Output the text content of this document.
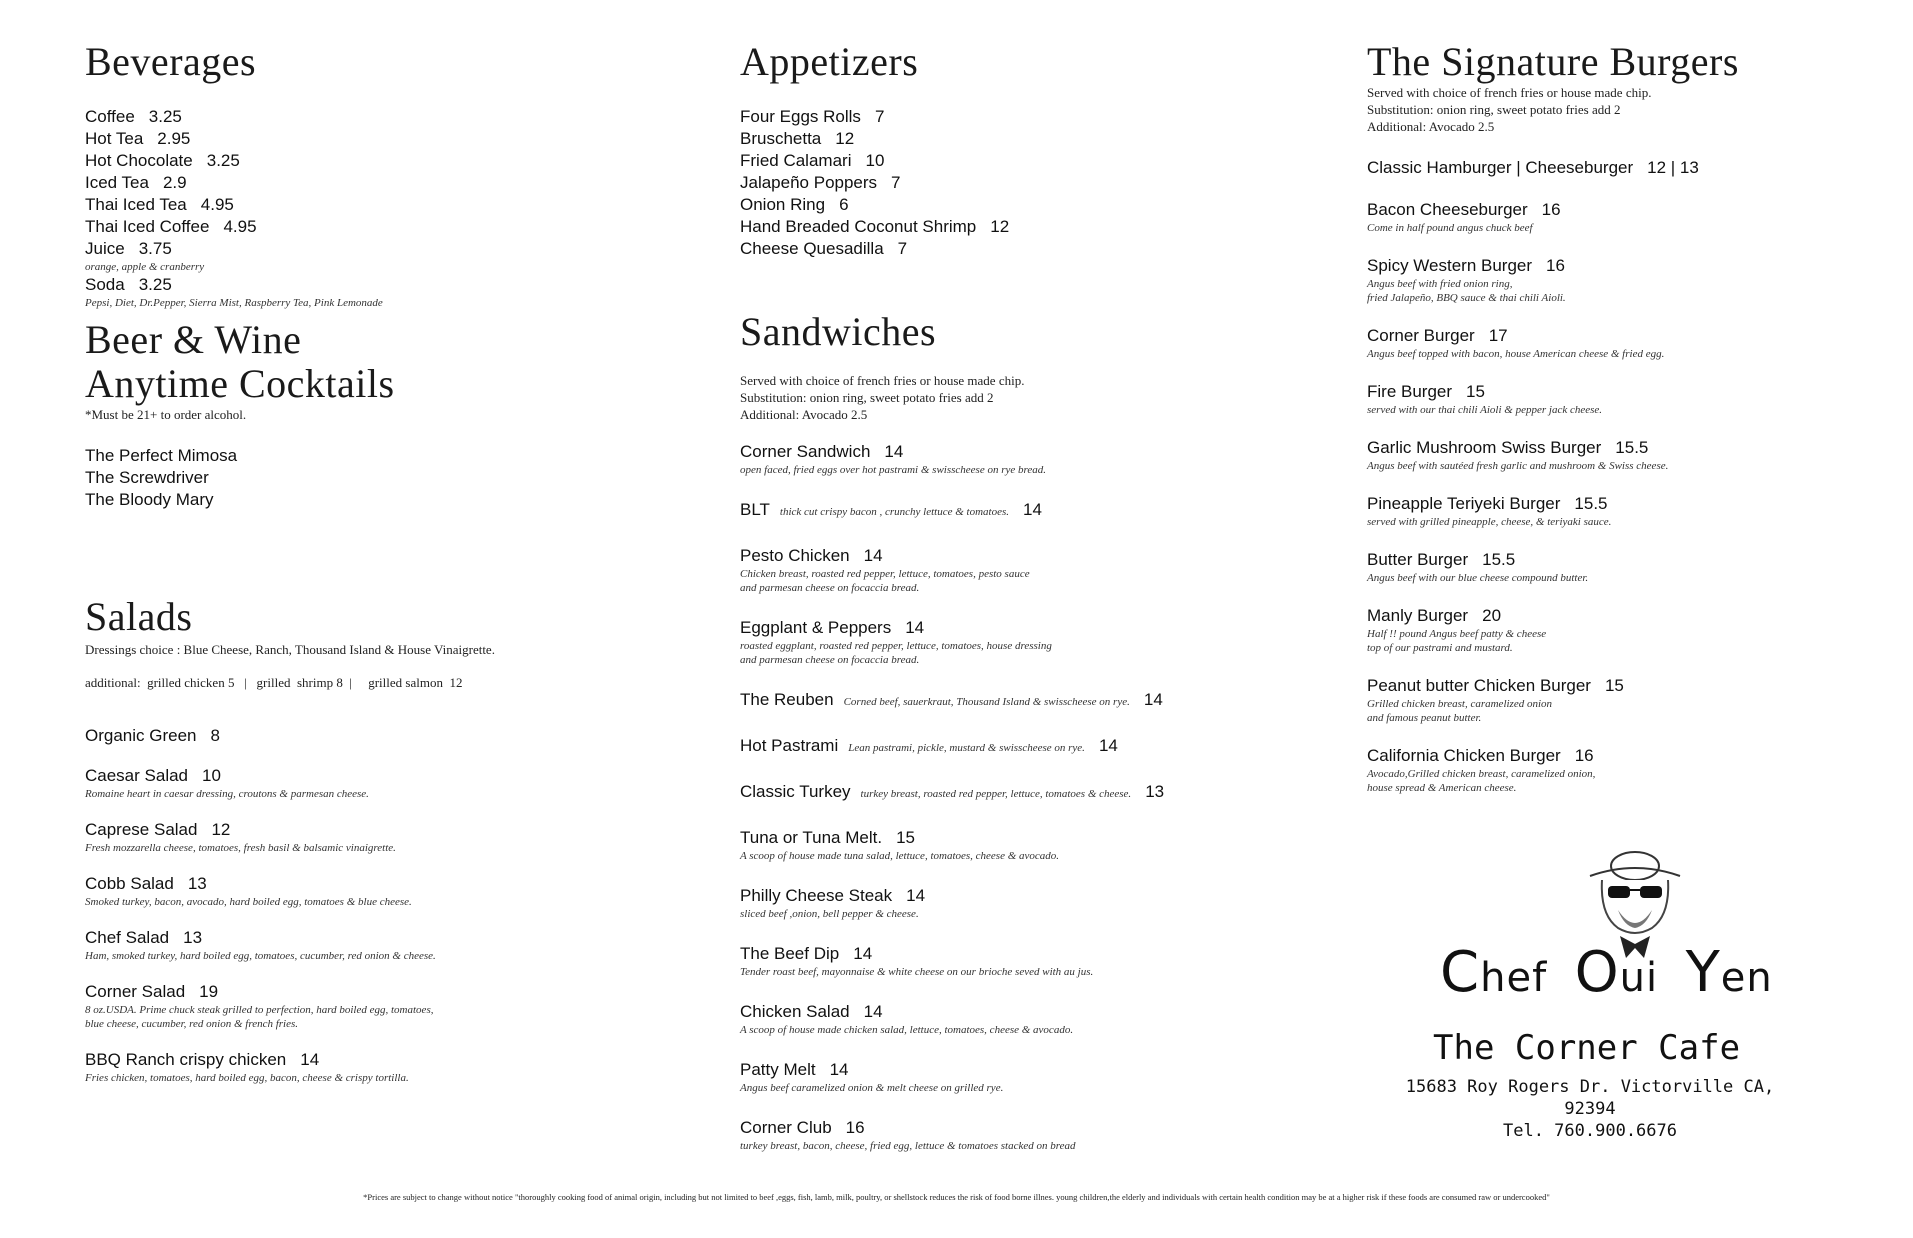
Beverages
Coffee 3.25
Hot Tea 2.95
Hot Chocolate 3.25
Iced Tea 2.9
Thai Iced Tea 4.95
Thai Iced Coffee 4.95
Juice 3.75
orange, apple & cranberry
Soda 3.25
Pepsi, Diet, Dr.Pepper, Sierra Mist, Raspberry Tea, Pink Lemonade
Beer & Wine
Anytime Cocktails
*Must be 21+ to order alcohol.
The Perfect Mimosa
The Screwdriver
The Bloody Mary
Salads
Dressings choice : Blue Cheese, Ranch, Thousand Island & House Vinaigrette.
additional:  grilled chicken 5   |   grilled  shrimp 8  |     grilled salmon  12
Organic Green 8
Caesar Salad 10
Romaine heart in caesar dressing, croutons & parmesan cheese.
Caprese Salad 12
Fresh mozzarella cheese, tomatoes, fresh basil & balsamic vinaigrette.
Cobb Salad 13
Smoked turkey, bacon, avocado, hard boiled egg, tomatoes & blue cheese.
Chef Salad 13
Ham, smoked turkey, hard boiled egg, tomatoes, cucumber, red onion & cheese.
Corner Salad 19
8 oz.USDA. Prime chuck steak grilled to perfection, hard boiled egg, tomatoes,
blue cheese, cucumber, red onion & french fries.
BBQ Ranch crispy chicken 14
Fries chicken, tomatoes, hard boiled egg, bacon, cheese & crispy tortilla.
Appetizers
Four Eggs Rolls 7
Bruschetta 12
Fried Calamari 10
Jalapeño Poppers 7
Onion Ring 6
Hand Breaded Coconut Shrimp 12
Cheese Quesadilla 7
Sandwiches
Served with choice of french fries or house made chip.
Substitution: onion ring, sweet potato fries add 2
Additional: Avocado 2.5
Corner Sandwich 14
open faced, fried eggs over hot pastrami & swisscheese on rye bread.
BLT thick cut crispy bacon , crunchy lettuce & tomatoes. 14
Pesto Chicken 14
Chicken breast, roasted red pepper, lettuce, tomatoes, pesto sauce
and parmesan cheese on focaccia bread.
Eggplant & Peppers 14
roasted eggplant, roasted red pepper, lettuce, tomatoes, house dressing
and parmesan cheese on focaccia bread.
The Reuben Corned beef, sauerkraut, Thousand Island & swisscheese on rye. 14
Hot Pastrami Lean pastrami, pickle, mustard & swisscheese on rye. 14
Classic Turkey turkey breast, roasted red pepper, lettuce, tomatoes & cheese. 13
Tuna or Tuna Melt. 15
A scoop of house made tuna salad, lettuce, tomatoes, cheese & avocado.
Philly Cheese Steak 14
sliced beef ,onion, bell pepper & cheese.
The Beef Dip 14
Tender roast beef, mayonnaise & white cheese on our brioche seved with au jus.
Chicken Salad 14
A scoop of house made chicken salad, lettuce, tomatoes, cheese & avocado.
Patty Melt 14
Angus beef caramelized onion & melt cheese on grilled rye.
Corner Club 16
turkey breast, bacon, cheese, fried egg, lettuce & tomatoes stacked on bread
The Signature Burgers
Served with choice of french fries or house made chip.
Substitution: onion ring, sweet potato fries add 2
Additional: Avocado 2.5
Classic Hamburger | Cheeseburger 12 | 13
Bacon Cheeseburger 16
Come in half pound angus chuck beef
Spicy Western Burger 16
Angus beef with fried onion ring,
fried Jalapeño, BBQ sauce & thai chili Aioli.
Corner Burger 17
Angus beef topped with bacon, house American cheese & fried egg.
Fire Burger 15
served with our thai chili Aioli & pepper jack cheese.
Garlic Mushroom Swiss Burger 15.5
Angus beef with sautéed fresh garlic and mushroom & Swiss cheese.
Pineapple Teriyeki Burger 15.5
served with grilled pineapple, cheese, & teriyaki sauce.
Butter Burger 15.5
Angus beef with our blue cheese compound butter.
Manly Burger 20
Half !! pound Angus beef patty & cheese
top of our pastrami and mustard.
Peanut butter Chicken Burger 15
Grilled chicken breast, caramelized onion
and famous peanut butter.
California Chicken Burger 16
Avocado,Grilled chicken breast, caramelized onion,
house spread & American cheese.
Chef Oui Yen
The Corner Cafe
15683 Roy Rogers Dr. Victorville CA, 92394
Tel. 760.900.6676
*Prices are subject to change without notice "thoroughly cooking food of animal origin, including but not limited to beef ,eggs, fish, lamb, milk, poultry, or shellstock reduces the risk of food borne illnes. young children,the elderly and individuals with certain health condition may be at a higher risk if these foods are consumed raw or undercooked"
